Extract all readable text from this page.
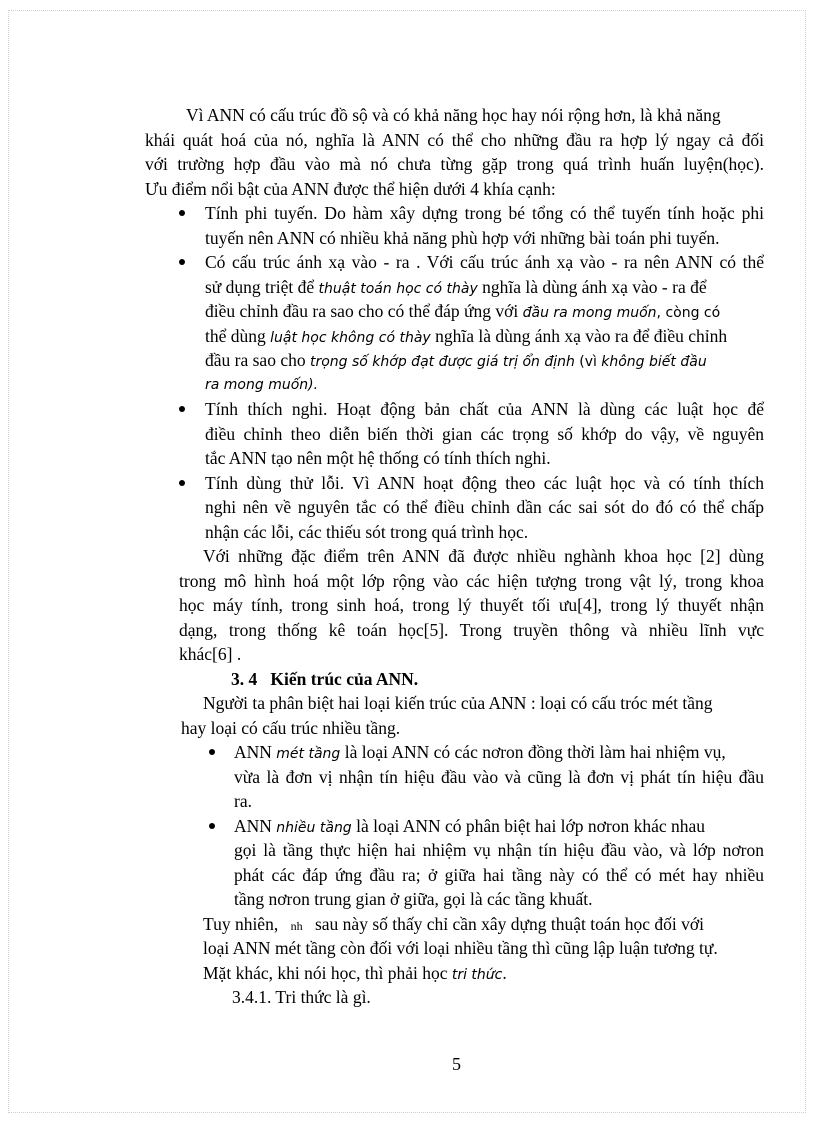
Vì ANN có cấu trúc đồ sộ và có khả năng học hay nói rộng hơn, là khả năng
khái quát hoá của nó, nghĩa là ANN có thể cho những đầu ra hợp lý ngay cả đối
với trường hợp đầu vào mà nó chưa từng gặp trong quá trình huấn luyện(học).
Ưu điểm nổi bật của ANN được thể hiện dưới 4 khía cạnh:
Tính phi tuyến. Do hàm xây dựng trong bé tổng có thể tuyến tính hoặc phi
tuyến nên ANN có nhiều khả năng phù hợp với những bài toán phi tuyến.
Có cấu trúc ánh xạ vào - ra . Với cấu trúc ánh xạ vào - ra nên ANN có thể
sử dụng triệt để thuật toán học có thày nghĩa là dùng ánh xạ vào - ra để
điều chỉnh đầu ra sao cho có thể đáp ứng với đầu ra mong muốn, còng có
thể dùng luật học không có thày nghĩa là dùng ánh xạ vào ra để điều chỉnh
đầu ra sao cho trọng số khớp đạt được giá trị ổn định (vì không biết đầu
ra mong muốn).
Tính thích nghi. Hoạt động bản chất của ANN là dùng các luật học để
điều chỉnh theo diễn biến thời gian các trọng số khớp do vậy, về nguyên
tắc ANN tạo nên một hệ thống có tính thích nghi.
Tính dùng thử lỗi. Vì ANN hoạt động theo các luật học và có tính thích
nghi nên về nguyên tắc có thể điều chỉnh dần các sai sót do đó có thể chấp
nhận các lỗi, các thiếu sót trong quá trình học.
Với những đặc điểm trên ANN đã được nhiều nghành khoa học [2] dùng
trong mô hình hoá một lớp rộng vào các hiện tượng trong vật lý, trong khoa
học máy tính, trong sinh hoá, trong lý thuyết tối ưu[4], trong lý thuyết nhận
dạng, trong thống kê toán học[5]. Trong truyền thông và nhiều lĩnh vực
khác[6] .
3. 4   Kiến trúc của ANN.
Người ta phân biệt hai loại kiến trúc của ANN : loại có cấu tróc mét tầng
hay loại có cấu trúc nhiều tầng.
ANN mét tầng là loại ANN có các nơron đồng thời làm hai nhiệm vụ,
vừa là đơn vị nhận tín hiệu đầu vào và cũng là đơn vị phát tín hiệu đầu
ra.
ANN nhiều tầng là loại ANN có phân biệt hai lớp nơron khác nhau
gọi là tầng thực hiện hai nhiệm vụ nhận tín hiệu đầu vào, và lớp nơron
phát các đáp ứng đầu ra; ở giữa hai tầng này có thể có mét hay nhiều
tầng nơron trung gian ở giữa, gọi là các tầng khuất.
Tuy nhiên, nh sau này số thấy chỉ cần xây dựng thuật toán học đối với
loại ANN mét tầng còn đối với loại nhiều tầng thì cũng lập luận tương tự.
Mặt khác, khi nói học, thì phải học tri thức.
3.4.1. Tri thức là gì.
5
